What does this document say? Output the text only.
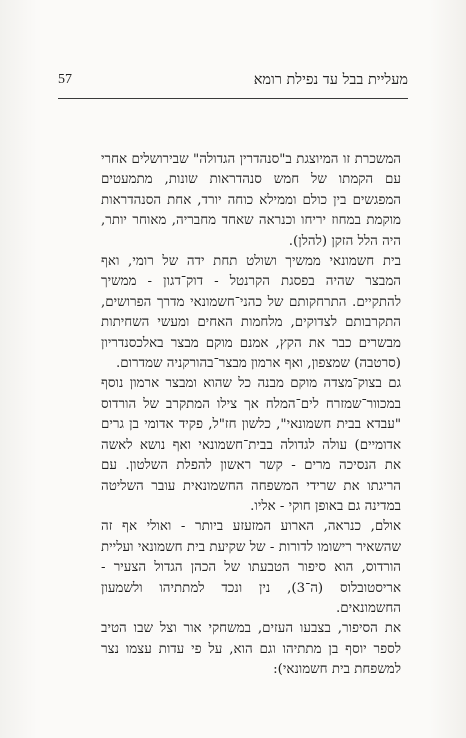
57	מעליית בבל עד נפילת רומא

המשכרת זו המיוצגת ב"סנהדרין הגדולה" שבירושלים אחרי עם הקמתו של חמש סנהדראות שונות, מתמעטים המפגשים בין כולם וממילא כוחה יורד, אחת הסנהדראות מוקמת במחוז יריחו וכנראה שאחד מחבריה, מאוחר יותר, היה הלל הזקן (להלן).

בית חשמונאי ממשיך ושולט תחת ידה של רומי, ואף המבצר שהיה בפסגת הקרנטל - דוק־דגון - ממשיך להתקיים. התרחקותם של כהני־חשמונאי מדרך הפרושים, התקרבותם לצדוקים, מלחמות האחים ומעשי השחיתות מבשרים כבר את הקץ, אמנם מוקם מבצר באלכסנדריון (סרטבה) שמצפון, ואף ארמון מבצר־בהורקניה שמדרום.

גם בצוק־מצדה מוקם מבנה כל שהוא ומבצר ארמון נוסף במכוור־שמזרח לים־המלח אך צילו המתקרב של הורדוס "עבדא בבית חשמונאי", כלשון חז"ל, פקיד אדומי בן גרים אדומיים) עולה לגדולה בבית־חשמונאי ואף נושא לאשה את הנסיכה מרים - קשר ראשון להפלת השלטון. עם הריגתו את שרידי המשפחה החשמונאית עובר השליטה במדינה גם באופן חוקי - אליו.

אולם, כנראה, הארוע המזעזע ביותר - ואולי אף זה שהשאיר רישומו לדורות - של שקיעת בית חשמונאי ועליית הורדוס, הוא סיפור הטבעתו של הכהן הגדול הצעיר - אריסטובלוס (ה־3), נין ונכד למתתיהו ולשמעון החשמונאים.

את הסיפור, בצבעו העזים, במשחקי אור וצל שבו הטיב לספר יוסף בן מתתיהו וגם הוא, על פי עדות עצמו נצר למשפחת בית חשמונאי):
